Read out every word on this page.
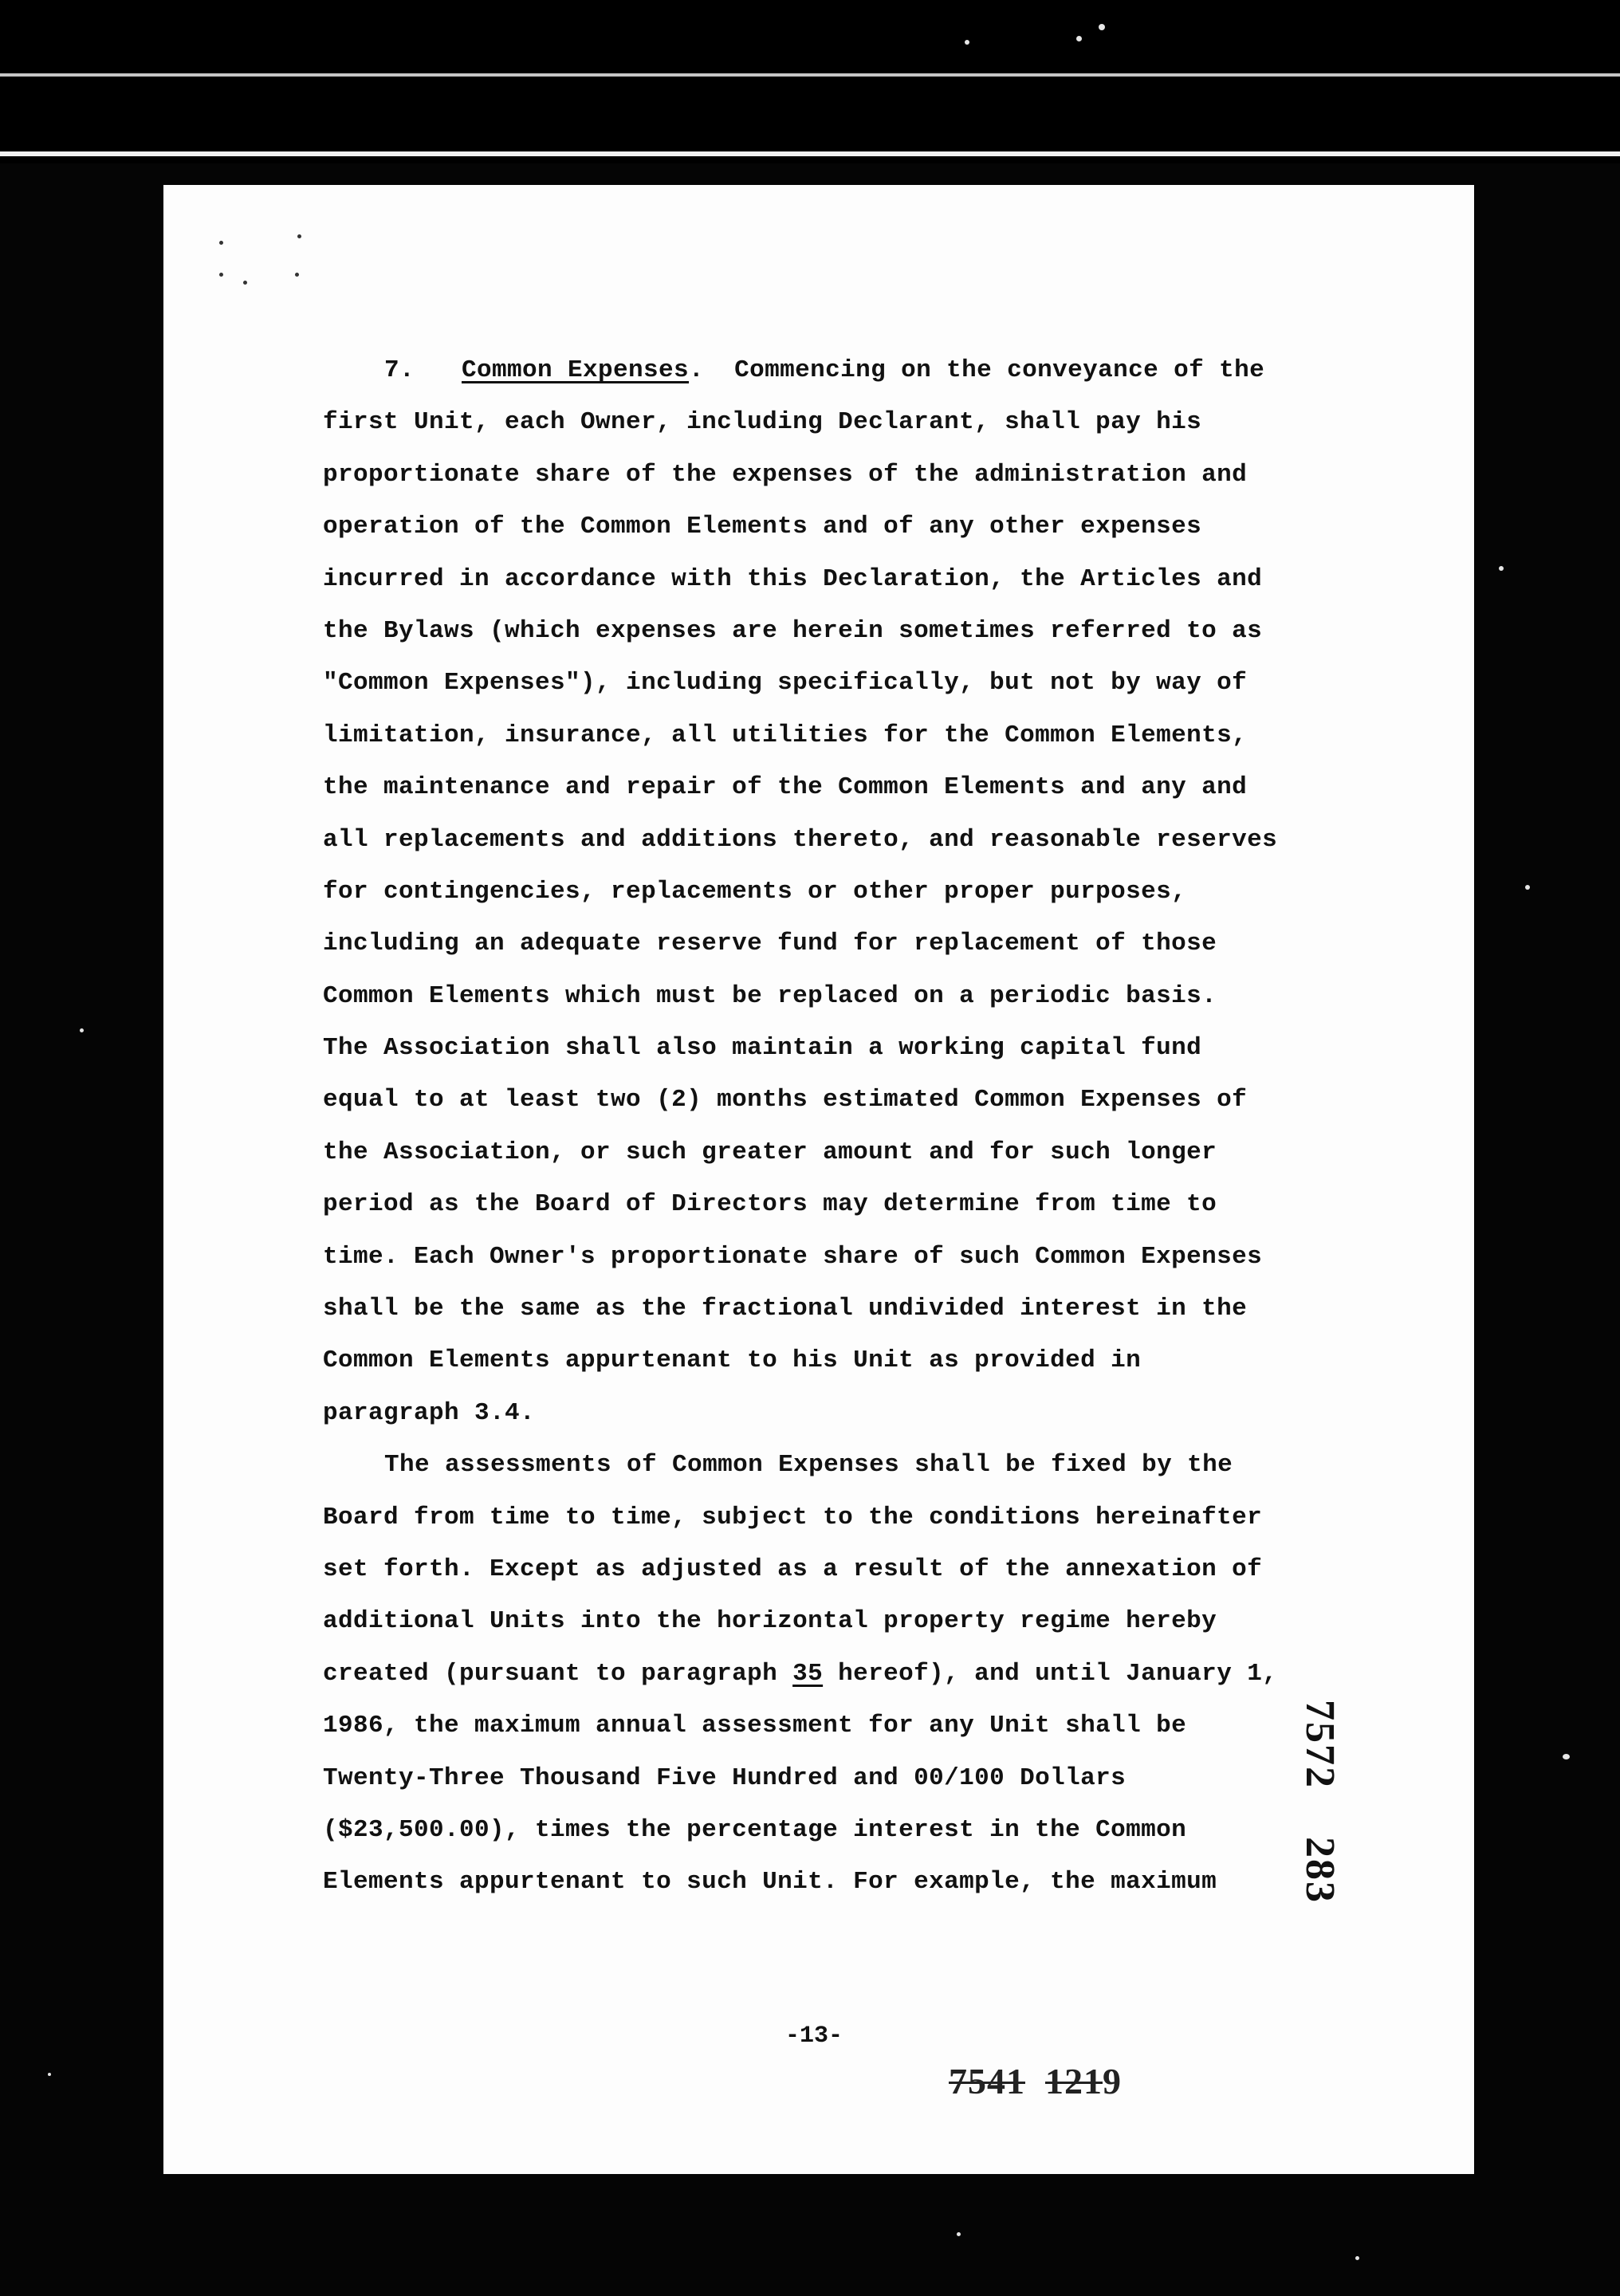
7. Common Expenses. Commencing on the conveyance of the
first Unit, each Owner, including Declarant, shall pay his
proportionate share of the expenses of the administration and
operation of the Common Elements and of any other expenses
incurred in accordance with this Declaration, the Articles and
the Bylaws (which expenses are herein sometimes referred to as
"Common Expenses"), including specifically, but not by way of
limitation, insurance, all utilities for the Common Elements,
the maintenance and repair of the Common Elements and any and
all replacements and additions thereto, and reasonable reserves
for contingencies, replacements or other proper purposes,
including an adequate reserve fund for replacement of those
Common Elements which must be replaced on a periodic basis.
The Association shall also maintain a working capital fund
equal to at least two (2) months estimated Common Expenses of
the Association, or such greater amount and for such longer
period as the Board of Directors may determine from time to
time. Each Owner's proportionate share of such Common Expenses
shall be the same as the fractional undivided interest in the
Common Elements appurtenant to his Unit as provided in
paragraph 3.4.
The assessments of Common Expenses shall be fixed by the
Board from time to time, subject to the conditions hereinafter
set forth. Except as adjusted as a result of the annexation of
additional Units into the horizontal property regime hereby
created (pursuant to paragraph 35 hereof), and until January 1,
1986, the maximum annual assessment for any Unit shall be
Twenty-Three Thousand Five Hundred and 00/100 Dollars
($23,500.00), times the percentage interest in the Common
Elements appurtenant to such Unit. For example, the maximum
-13-
7541 1219
7572283
